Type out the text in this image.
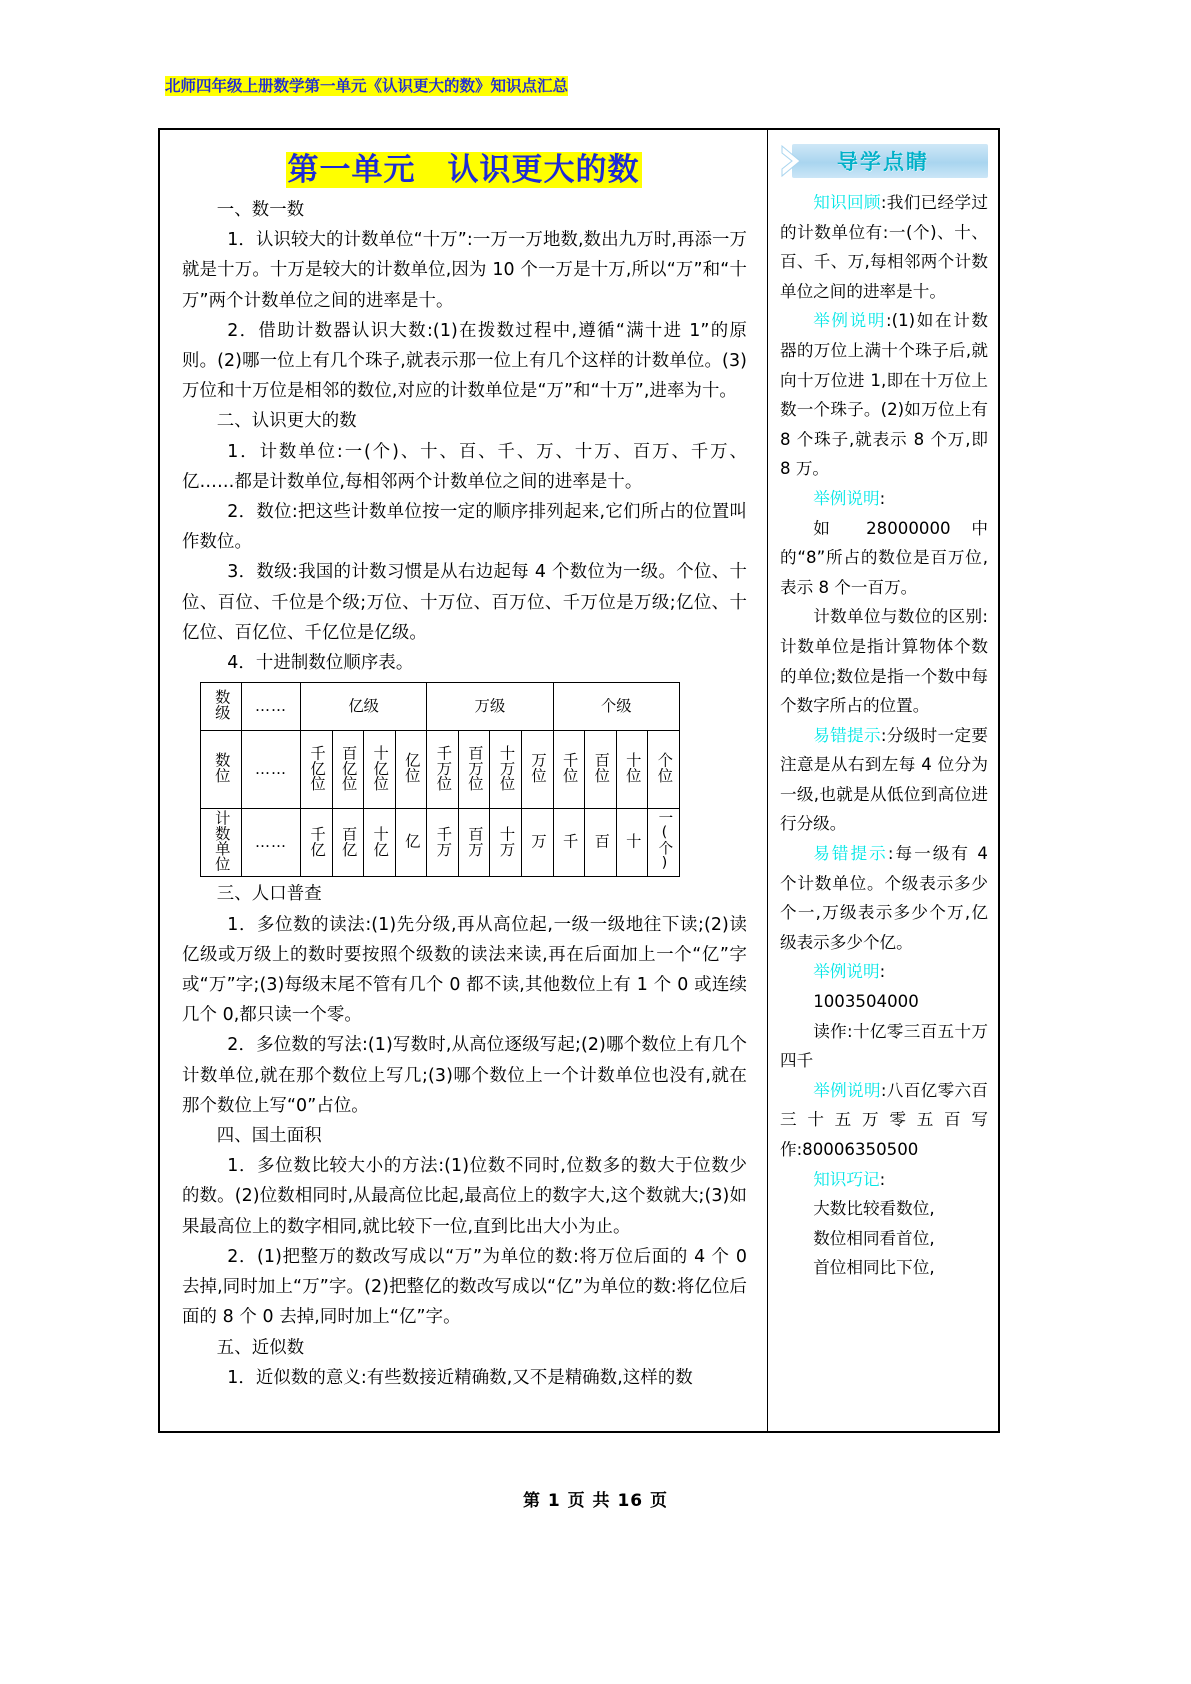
北师四年级上册数学第一单元《认识更大的数》知识点汇总
第一单元　认识更大的数

一、数一数

1．认识较大的计数单位“十万”:一万一万地数,数出九万时,再添一万就是十万。十万是较大的计数单位,因为 10 个一万是十万,所以“万”和“十万”两个计数单位之间的进率是十。

2．借助计数器认识大数:(1)在拨数过程中,遵循“满十进 1”的原则。(2)哪一位上有几个珠子,就表示那一位上有几个这样的计数单位。(3)万位和十万位是相邻的数位,对应的计数单位是“万”和“十万”,进率为十。

二、认识更大的数

1．计数单位:一(个)、十、百、千、万、十万、百万、千万、亿……都是计数单位,每相邻两个计数单位之间的进率是十。

2．数位:把这些计数单位按一定的顺序排列起来,它们所占的位置叫作数位。

3．数级:我国的计数习惯是从右边起每 4 个数位为一级。个位、十位、百位、千位是个级;万位、十万位、百万位、千万位是万级;亿位、十亿位、百亿位、千亿位是亿级。

4．十进制数位顺序表。

数级	……	亿级				万级				个级			
数位	……	千亿位	百亿位	十亿位	亿位	千万位	百万位	十万位	万位	千位	百位	十位	个位
计数单位	……	千亿	百亿	十亿	亿	千万	百万	十万	万	千	百	十	一(个)

三、人口普查

1．多位数的读法:(1)先分级,再从高位起,一级一级地往下读;(2)读亿级或万级上的数时要按照个级数的读法来读,再在后面加上一个“亿”字或“万”字;(3)每级末尾不管有几个 0 都不读,其他数位上有 1 个 0 或连续几个 0,都只读一个零。

2．多位数的写法:(1)写数时,从高位逐级写起;(2)哪个数位上有几个计数单位,就在那个数位上写几;(3)哪个数位上一个计数单位也没有,就在那个数位上写“0”占位。

四、国土面积

1．多位数比较大小的方法:(1)位数不同时,位数多的数大于位数少的数。(2)位数相同时,从最高位比起,最高位上的数字大,这个数就大;(3)如果最高位上的数字相同,就比较下一位,直到比出大小为止。

2．(1)把整万的数改写成以“万”为单位的数:将万位后面的 4 个 0 去掉,同时加上“万”字。(2)把整亿的数改写成以“亿”为单位的数:将亿位后面的 8 个 0 去掉,同时加上“亿”字。

五、近似数

1．近似数的意义:有些数接近精确数,又不是精确数,这样的数

导学点睛

知识回顾:我们已经学过的计数单位有:一(个)、十、百、千、万,每相邻两个计数单位之间的进率是十。

举例说明:(1)如在计数器的万位上满十个珠子后,就向十万位进 1,即在十万位上数一个珠子。(2)如万位上有 8 个珠子,就表示 8 个万,即 8 万。

举例说明:

如 28000000 中的“8”所占的数位是百万位,表示 8 个一百万。

计数单位与数位的区别:计数单位是指计算物体个数的单位;数位是指一个数中每个数字所占的位置。

易错提示:分级时一定要注意是从右到左每 4 位分为一级,也就是从低位到高位进行分级。

易错提示:每一级有 4 个计数单位。个级表示多少个一,万级表示多少个万,亿级表示多少个亿。

举例说明:

1003504000

读作:十亿零三百五十万四千

举例说明:八百亿零六百三十五万零五百写作:80006350500

知识巧记:

大数比较看数位,

数位相同看首位,

首位相同比下位,

第 1 页 共 16 页
